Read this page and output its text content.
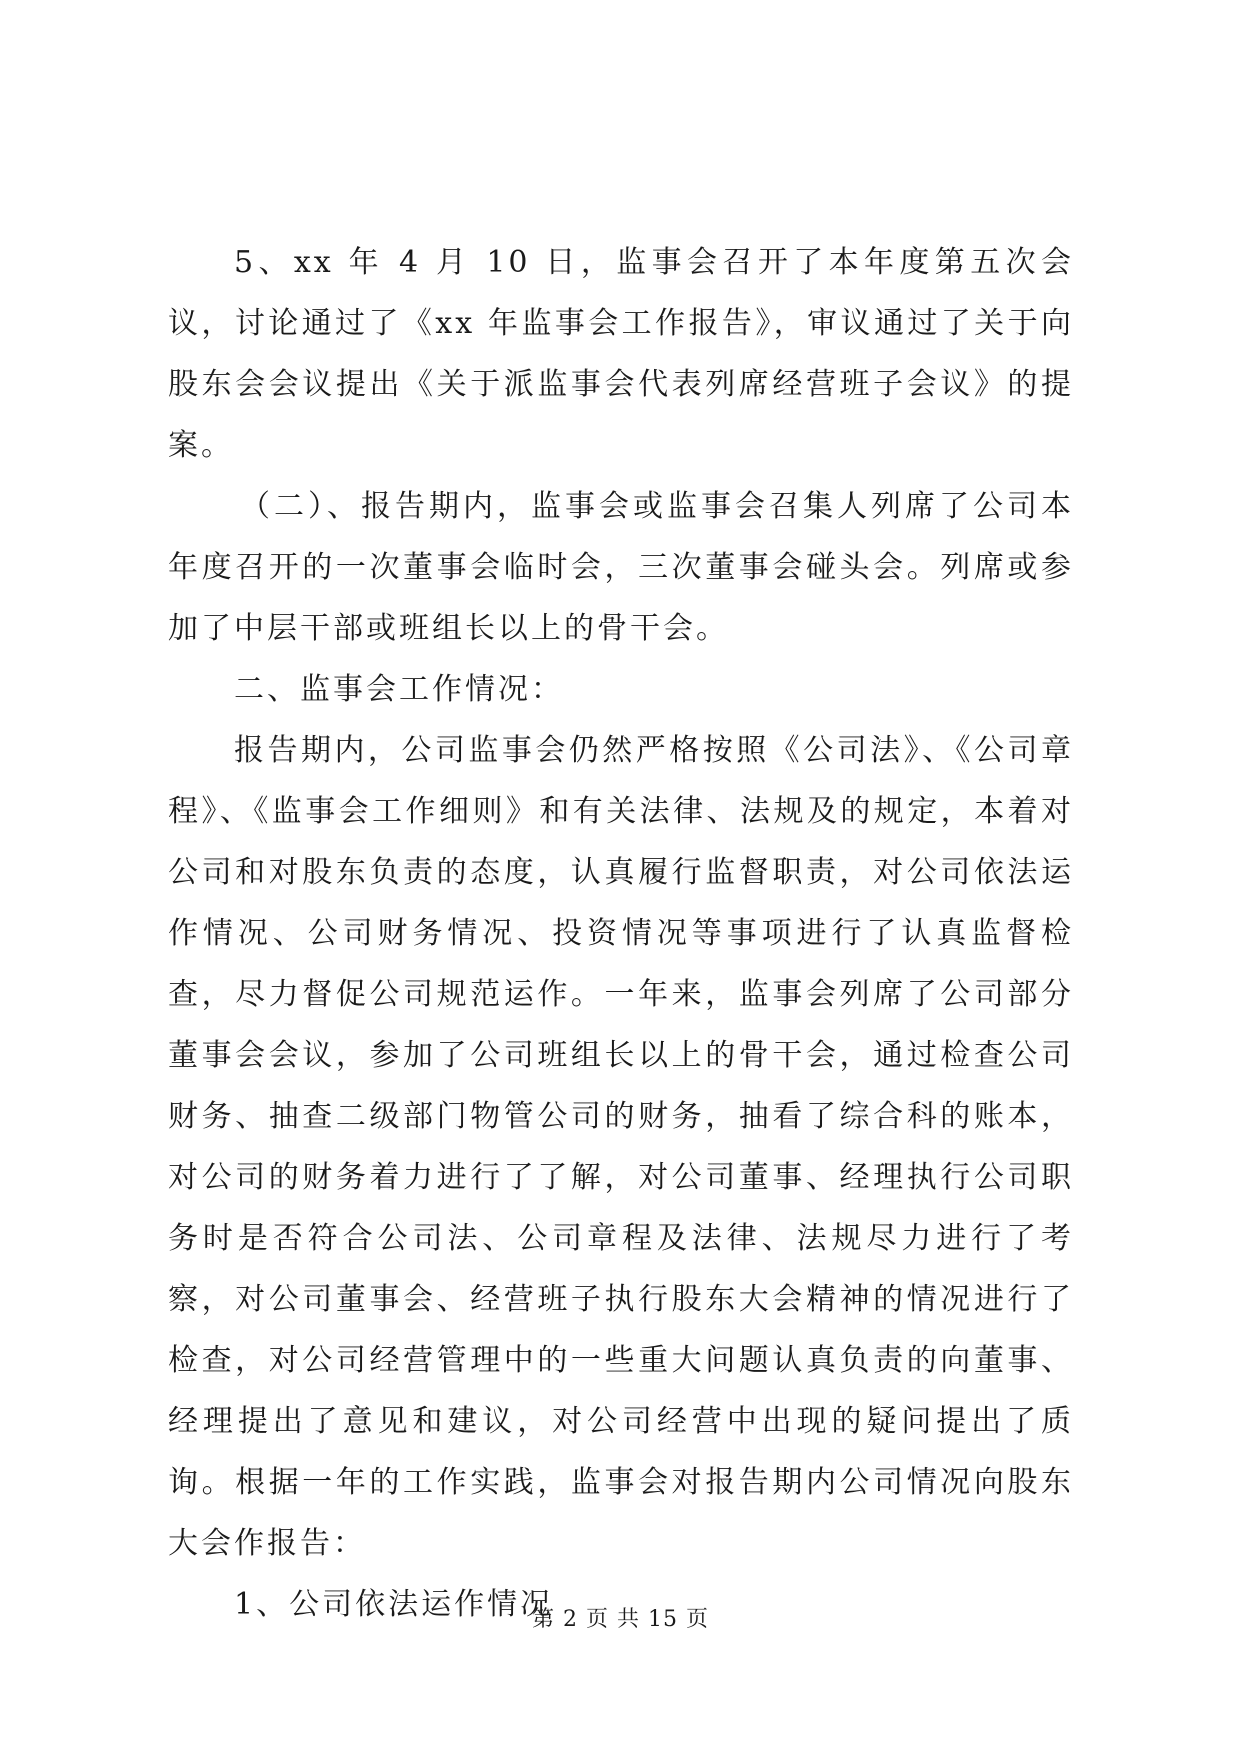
5、xx 年 4 月 10 日，监事会召开了本年度第五次会议，讨论通过了《xx 年监事会工作报告》，审议通过了关于向股东会会议提出《关于派监事会代表列席经营班子会议》的提案。

（二）、报告期内，监事会或监事会召集人列席了公司本年度召开的一次董事会临时会，三次董事会碰头会。列席或参加了中层干部或班组长以上的骨干会。

二、监事会工作情况：

报告期内，公司监事会仍然严格按照《公司法》、《公司章程》、《监事会工作细则》和有关法律、法规及的规定，本着对公司和对股东负责的态度，认真履行监督职责，对公司依法运作情况、公司财务情况、投资情况等事项进行了认真监督检查，尽力督促公司规范运作。一年来，监事会列席了公司部分董事会会议，参加了公司班组长以上的骨干会，通过检查公司财务、抽查二级部门物管公司的财务，抽看了综合科的账本，对公司的财务着力进行了了解，对公司董事、经理执行公司职务时是否符合公司法、公司章程及法律、法规尽力进行了考察，对公司董事会、经营班子执行股东大会精神的情况进行了检查，对公司经营管理中的一些重大问题认真负责的向董事、经理提出了意见和建议，对公司经营中出现的疑问提出了质询。根据一年的工作实践，监事会对报告期内公司情况向股东大会作报告：

1、公司依法运作情况

第 2 页 共 15 页
